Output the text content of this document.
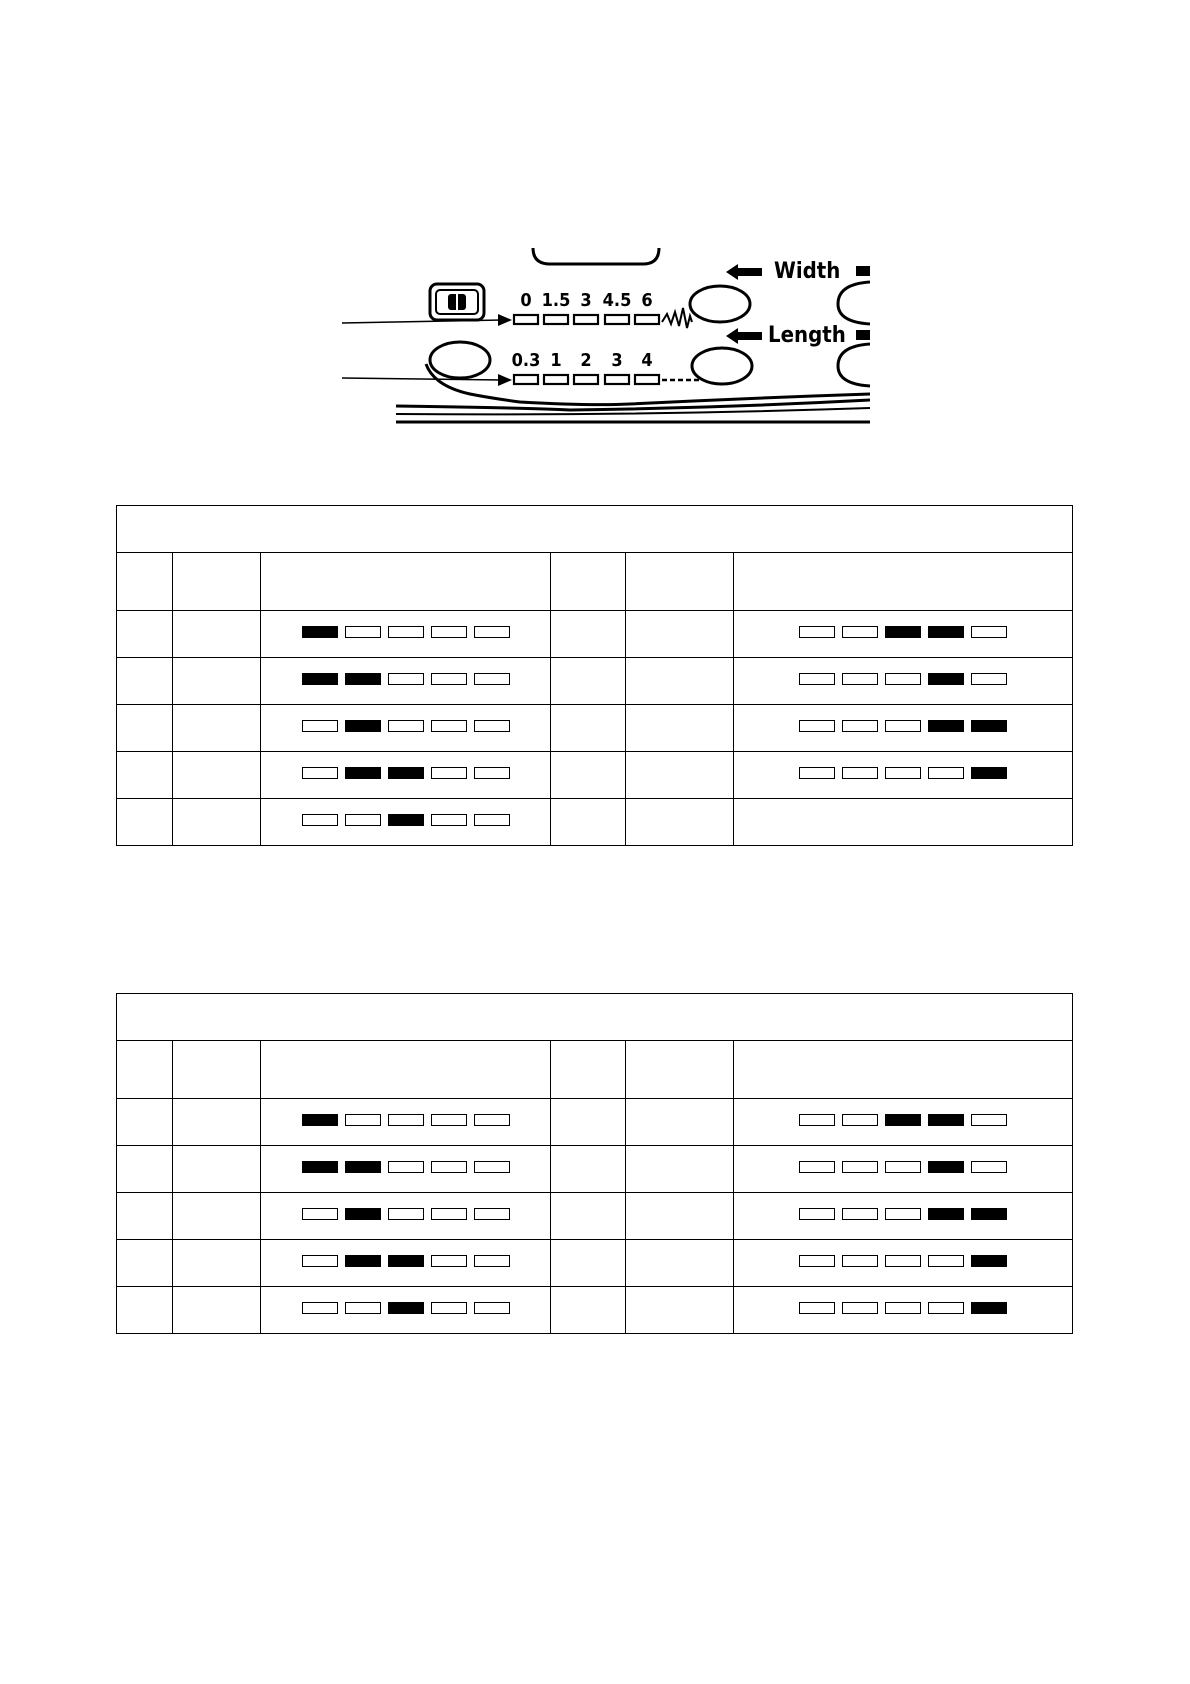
0 1.5 3 4.5 6
0.3 1 2 3 4
Width
Length
